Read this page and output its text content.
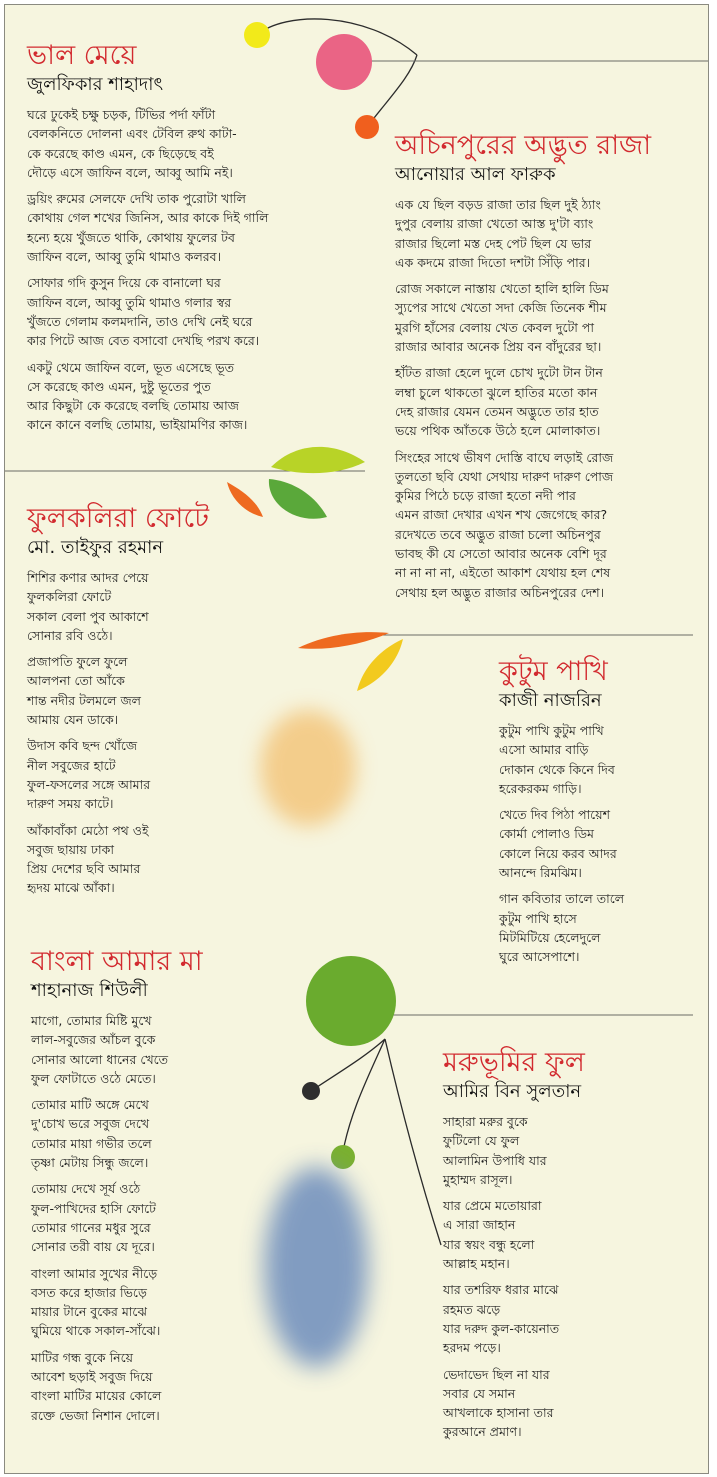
ভাল মেয়ে
জুলফিকার শাহাদাৎ
ঘরে ঢুকেই চক্ষু চড়ক, টিভির পর্দা ফাঁটা
বেলকনিতে দোলনা এবং টেবিল রুথ কাটা-
কে করেছে কাণ্ড এমন, কে ছিড়েছে বই
দৌড়ে এসে জাফিন বলে, আব্বু আমি নই।
ড্রয়িং রুমের সেলফে দেখি তাক পুরোটা খালি
কোথায় গেল শখের জিনিস, আর কাকে দিই গালি
হন্যে হয়ে খুঁজতে থাকি, কোথায় ফুলের টব
জাফিন বলে, আব্বু তুমি থামাও কলরব।
সোফার গদি কুসুন দিয়ে কে বানালো ঘর
জাফিন বলে, আব্বু তুমি থামাও গলার স্বর
খুঁজতে গেলাম কলমদানি, তাও দেখি নেই ঘরে
কার পিটে আজ বেত বসাবো দেখছি পরখ করে।
একটু থেমে জাফিন বলে, ভূত এসেছে ভূত
সে করেছে কাণ্ড এমন, দুষ্টু ভূতের পুত
আর কিছুটা কে করেছে বলছি তোমায় আজ
কানে কানে বলছি তোমায়, ভাইয়ামণির কাজ।
অচিনপুরের অদ্ভুত রাজা
আনোয়ার আল ফারুক
এক যে ছিল বড়ড রাজা তার ছিল দুই ঠ্যাং
দুপুর বেলায় রাজা খেতো আস্ত দু'টা ব্যাং
রাজার ছিলো মস্ত দেহ পেট ছিল যে ভার
এক কদমে রাজা দিতো দশটা সিঁড়ি পার।
রোজ সকালে নাস্তায় খেতো হালি হালি ডিম
স্যুপের সাথে খেতো সদা কেজি তিনেক শীম
মুরগি হাঁসের বেলায় খেত কেবল দুটো পা
রাজার আবার অনেক প্রিয় বন বাঁদুরের ছা।
হাঁটত রাজা হেলে দুলে চোখ দুটো টান টান
লম্বা চুলে থাকতো ঝুলে হাতির মতো কান
দেহ রাজার যেমন তেমন অদ্ভুতে তার হাত
ভয়ে পথিক আঁতকে উঠে হলে মোলাকাত।
সিংহের সাথে ভীষণ দোস্তি বাঘে লড়াই রোজ
তুলতো ছবি যেথা সেথায় দারুণ দারুণ পোজ
কুমির পিঠে চড়ে রাজা হতো নদী পার
এমন রাজা দেখার এখন শখ জেগেছে কার?
রদেখতে তবে অদ্ভুত রাজা চলো অচিনপুর
ভাবছ কী যে সেতো আবার অনেক বেশি দূর
না না না না, এইতো আকাশ যেথায় হল শেষ
সেথায় হল অদ্ভুত রাজার অচিনপুরের দেশ।
ফুলকলিরা ফোটে
মো. তাইফুর রহমান
শিশির কণার আদর পেয়ে
ফুলকলিরা ফোটে
সকাল বেলা পুব আকাশে
সোনার রবি ওঠে।
প্রজাপতি ফুলে ফুলে
আলপনা তো আঁকে
শান্ত নদীর টলমলে জল
আমায় যেন ডাকে।
উদাস কবি ছন্দ খোঁজে
নীল সবুজের হাটে
ফুল-ফসলের সঙ্গে আমার
দারুণ সময় কাটে।
আঁকাবাঁকা মেঠো পথ ওই
সবুজ ছায়ায় ঢাকা
প্রিয় দেশের ছবি আমার
হৃদয় মাঝে আঁকা।
কুটুম পাখি
কাজী নাজরিন
কুটুম পাখি কুটুম পাখি
এসো আমার বাড়ি
দোকান থেকে কিনে দিব
হরেকরকম গাড়ি।
খেতে দিব পিঠা পায়েশ
কোর্মা পোলাও ডিম
কোলে নিয়ে করব আদর
আনন্দে রিমঝিম।
গান কবিতার তালে তালে
কুটুম পাখি হাসে
মিটমিটিয়ে হেলেদুলে
ঘুরে আসেপাশে।
বাংলা আমার মা
শাহানাজ শিউলী
মাগো, তোমার মিষ্টি মুখে
লাল-সবুজের আঁচল বুকে
সোনার আলো ধানের খেতে
ফুল ফোটাতে ওঠে মেতে।
তোমার মাটি অঙ্গে মেখে
দু'চোখ ভরে সবুজ দেখে
তোমার মায়া গভীর তলে
তৃষ্ণা মেটায় সিন্ধু জলে।
তোমায় দেখে সূর্য ওঠে
ফুল-পাখিদের হাসি ফোটে
তোমার গানের মধুর সুরে
সোনার তরী বায় যে দূরে।
বাংলা আমার সুখের নীড়ে
বসত করে হাজার ভিড়ে
মায়ার টানে বুকের মাঝে
ঘুমিয়ে থাকে সকাল-সাঁঝে।
মাটির গন্ধ বুকে নিয়ে
আবেশ ছড়াই সবুজ দিয়ে
বাংলা মাটির মায়ের কোলে
রক্তে ভেজা নিশান দোলে।
মরুভূমির ফুল
আমির বিন সুলতান
সাহারা মরুর বুকে
ফুটিলো যে ফুল
আলামিন উপাধি যার
মুহাম্মদ রাসূল।
যার প্রেমে মতোয়ারা
এ সারা জাহান
যার স্বয়ং বন্ধু হলো
আল্লাহ মহান।
যার তশরিফ ধরার মাঝে
রহমত ঝড়ে
যার দরুদ কুল-কায়েনাত
হরদম পড়ে।
ভেদাভেদ ছিল না যার
সবার যে সমান
আখলাকে হাসানা তার
কুরআনে প্রমাণ।
